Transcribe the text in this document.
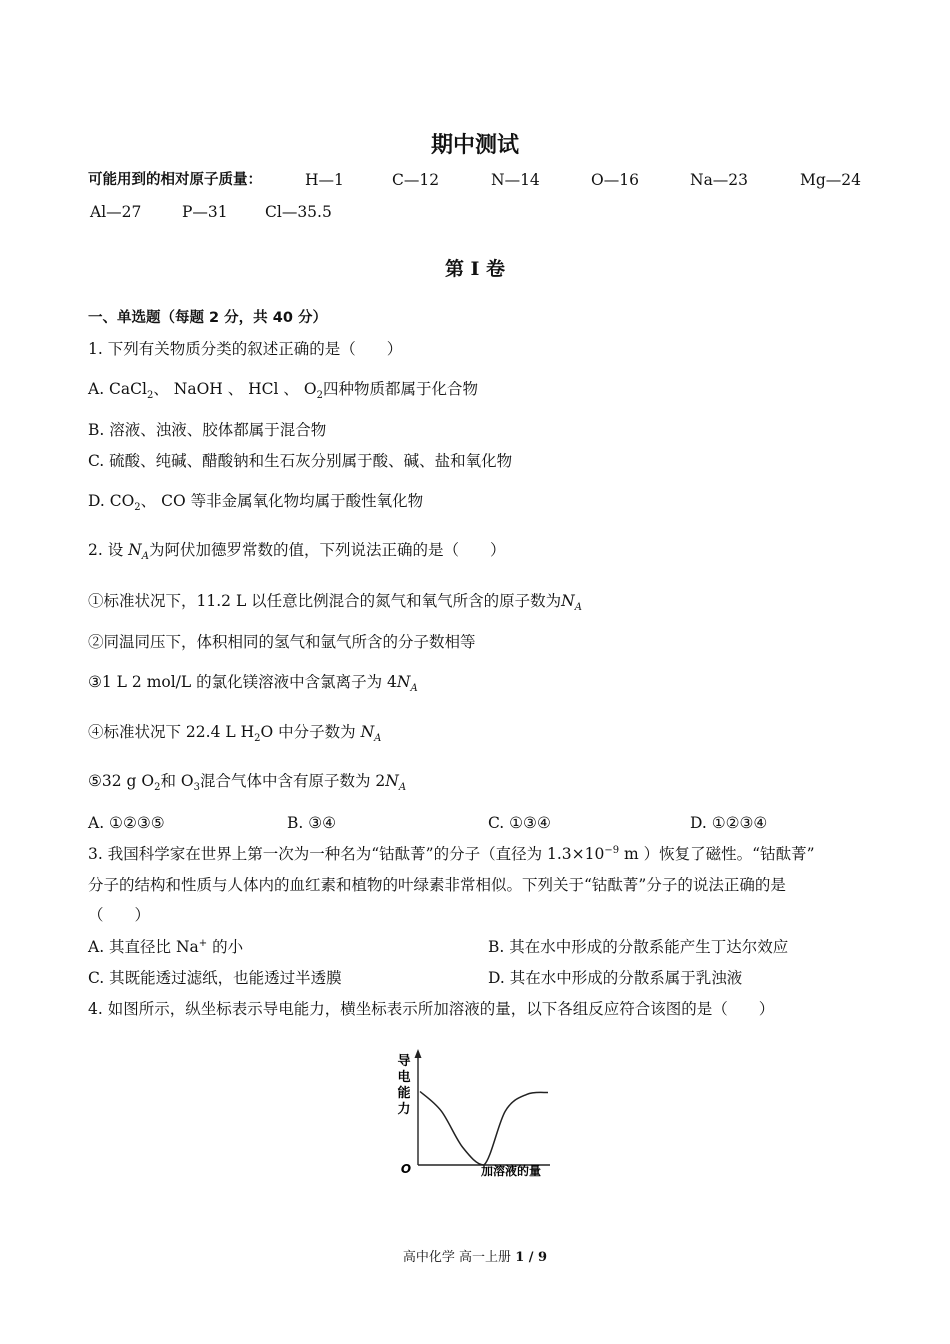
期中测试
可能用到的相对原子质量：	H—1	C—12	N—14	O—16	Na—23	Mg—24
Al—27	P—31 Cl—35.5
第 I 卷
一、单选题（每题 2 分，共 40 分）
1. 下列有关物质分类的叙述正确的是（　　）
A. CaCl$_2$、 NaOH 、 HCl 、 $O_2$四种物质都属于化合物
B. 溶液、浊液、胶体都属于混合物
C. 硫酸、纯碱、醋酸钠和生石灰分别属于酸、碱、盐和氧化物
D. $CO_2$、 CO 等非金属氧化物均属于酸性氧化物
2. 设 $N_A$为阿伏加德罗常数的值，下列说法正确的是（　　）
①标准状况下，11.2 L 以任意比例混合的氮气和氧气所含的原子数为$N_A$
②同温同压下，体积相同的氢气和氩气所含的分子数相等
③1 L 2 mol/L 的氯化镁溶液中含氯离子为 $4N_A$
④标准状况下 22.4 L $H_2O$ 中分子数为 $N_A$
⑤32 g $O_2$和 $O_3$混合气体中含有原子数为 $2N_A$
A. ①②③⑤	B. ③④	C. ①③④	D. ①②③④
3. 我国科学家在世界上第一次为一种名为“钴酞菁”的分子（直径为 $1.3\times 10^{-9}$ m ）恢复了磁性。“钴酞菁”
分子的结构和性质与人体内的血红素和植物的叶绿素非常相似。下列关于“钴酞菁”分子的说法正确的是
（　　）
A. 其直径比 Na+ 的小	B. 其在水中形成的分散系能产生丁达尔效应
C. 其既能透过滤纸，也能透过半透膜	D. 其在水中形成的分散系属于乳浊液
4. 如图所示，纵坐标表示导电能力，横坐标表示所加溶液的量，以下各组反应符合该图的是（　　）
导
电
能
力
O	加溶液的量
高中化学 高一上册 1 / 9
